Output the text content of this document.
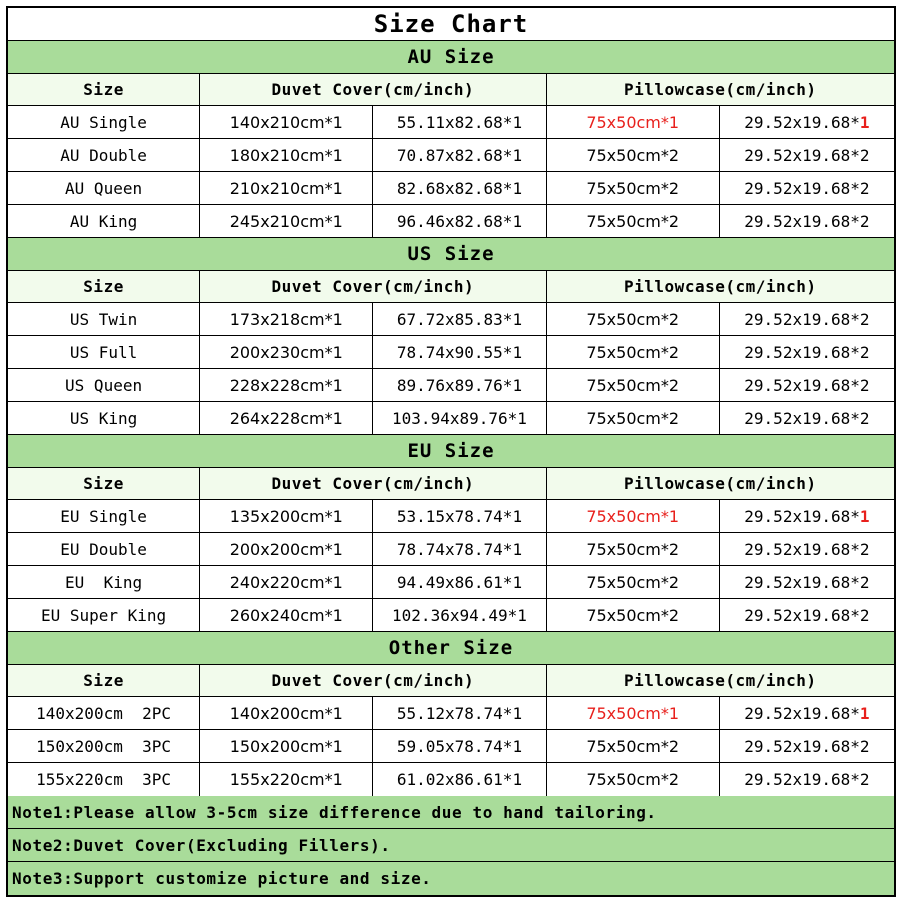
Size Chart
AU Size
Size	Duvet Cover(cm/inch)	Pillowcase(cm/inch)
AU Single	140x210cm*1	55.11x82.68*1	75x50cm*1	29.52x19.68* 1
AU Double	180x210cm*1	70.87x82.68*1	75x50cm*2	29.52x19.68*2
AU Queen	210x210cm*1	82.68x82.68*1	75x50cm*2	29.52x19.68*2
AU King	245x210cm*1	96.46x82.68*1	75x50cm*2	29.52x19.68*2
US Size
Size	Duvet Cover(cm/inch)	Pillowcase(cm/inch)
US Twin	173x218cm*1	67.72x85.83*1	75x50cm*2	29.52x19.68*2
US Full	200x230cm*1	78.74x90.55*1	75x50cm*2	29.52x19.68*2
US Queen	228x228cm*1	89.76x89.76*1	75x50cm*2	29.52x19.68*2
US King	264x228cm*1	103.94x89.76*1	75x50cm*2	29.52x19.68*2
EU Size
Size	Duvet Cover(cm/inch)	Pillowcase(cm/inch)
EU Single	135x200cm*1	53.15x78.74*1	75x50cm*1	29.52x19.68* 1
EU Double	200x200cm*1	78.74x78.74*1	75x50cm*2	29.52x19.68*2
EU  King	240x220cm*1	94.49x86.61*1	75x50cm*2	29.52x19.68*2
EU Super King	260x240cm*1	102.36x94.49*1	75x50cm*2	29.52x19.68*2
Other Size
Size	Duvet Cover(cm/inch)	Pillowcase(cm/inch)
140x200cm  2PC	140x200cm*1	55.12x78.74*1	75x50cm*1	29.52x19.68* 1
150x200cm  3PC	150x200cm*1	59.05x78.74*1	75x50cm*2	29.52x19.68*2
155x220cm  3PC	155x220cm*1	61.02x86.61*1	75x50cm*2	29.52x19.68*2
Note1:Please allow 3-5cm size difference due to hand tailoring.
Note2:Duvet Cover(Excluding Fillers).
Note3:Support customize picture and size.
